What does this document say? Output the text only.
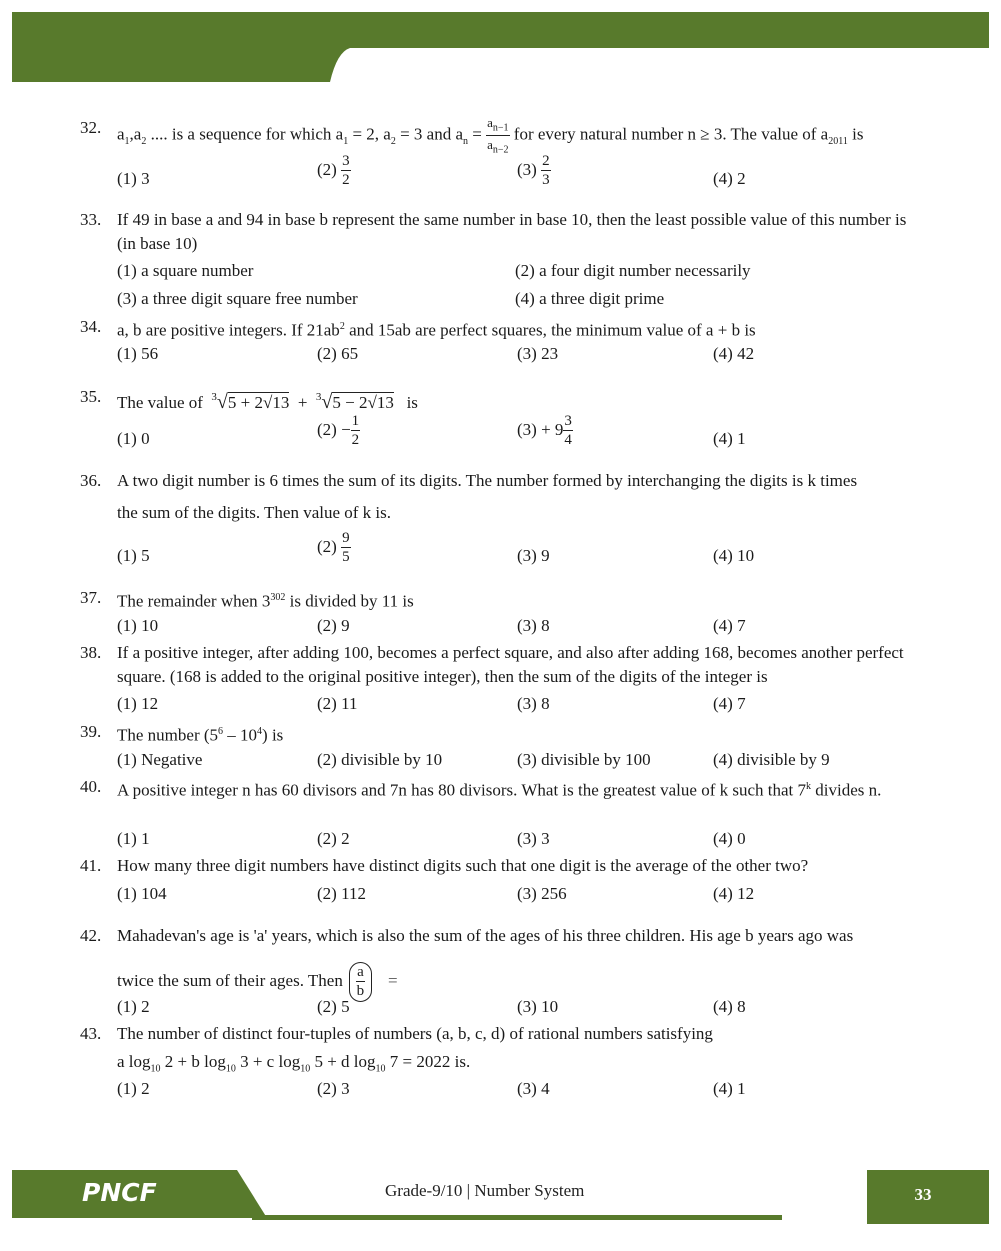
32. $a_1,a_2$ .... is a sequence for which $a_1 = 2$, $a_2 = 3$ and $a_n = \frac{a_{n-1}}{a_{n-2}}$ for every natural number n ≥ 3. The value of $a_{2011}$ is
(1) 3	$(2) \frac{3}{2}$	$(3) \frac{2}{3}$	(4) 2
33. If 49 in base a and 94 in base b represent the same number in base 10, then the least possible value of this number is (in base 10)
(1) a square number	(2) a four digit number necessarily
(3) a three digit square free number	(4) a three digit prime
34. a, b are positive integers. If $21ab^2$ and 15ab are perfect squares, the minimum value of a + b is
(1) 56	(2) 65	(3) 23	(4) 42
35. The value of  $^3$√5 + 2√13  +  $^3$√5 − 2√13   is
(1) 0	$(2) - \frac{1}{2}$	$(3) + 9 \frac{3}{4}$	(4) 1
36. A two digit number is 6 times the sum of its digits. The number formed by interchanging the digits is k times
the sum of the digits. Then value of k is.
(1) 5	$(2) \frac{9}{5}$	(3) 9	(4) 10
37. The remainder when $3^{302}$ is divided by 11 is
(1) 10	(2) 9	(3) 8	(4) 7
38. If a positive integer, after adding 100, becomes a perfect square, and also after adding 168, becomes another perfect square. (168 is added to the original positive integer), then the sum of the digits of the integer is
(1) 12	(2) 11	(3) 8	(4) 7
39. The number $(5^6 - 10^4)$ is
(1) Negative	(2) divisible by 10	(3) divisible by 100	(4) divisible by 9
40. A positive integer n has 60 divisors and 7n has 80 divisors. What is the greatest value of k such that 7$^k$ divides n.
(1) 1	(2) 2	(3) 3	(4) 0
41. How many three digit numbers have distinct digits such that one digit is the average of the other two?
(1) 104	(2) 112	(3) 256	(4) 12
42. Mahadevan's age is 'a' years, which is also the sum of the ages of his three children. His age b years ago was
twice the sum of their ages. Then $\frac{a}{b}$ =
(1) 2	(2) 5	(3) 10	(4) 8
43. The number of distinct four-tuples of numbers (a, b, c, d) of rational numbers satisfying
a $\log_{10} 2 + b$ $\log_{10} 3 + c$ $\log_{10} 5 + d$ $\log_{10} 7 = 2022$ is.
(1) 2	(2) 3	(3) 4	(4) 1
PNCF	Grade-9/10 | Number System	33
